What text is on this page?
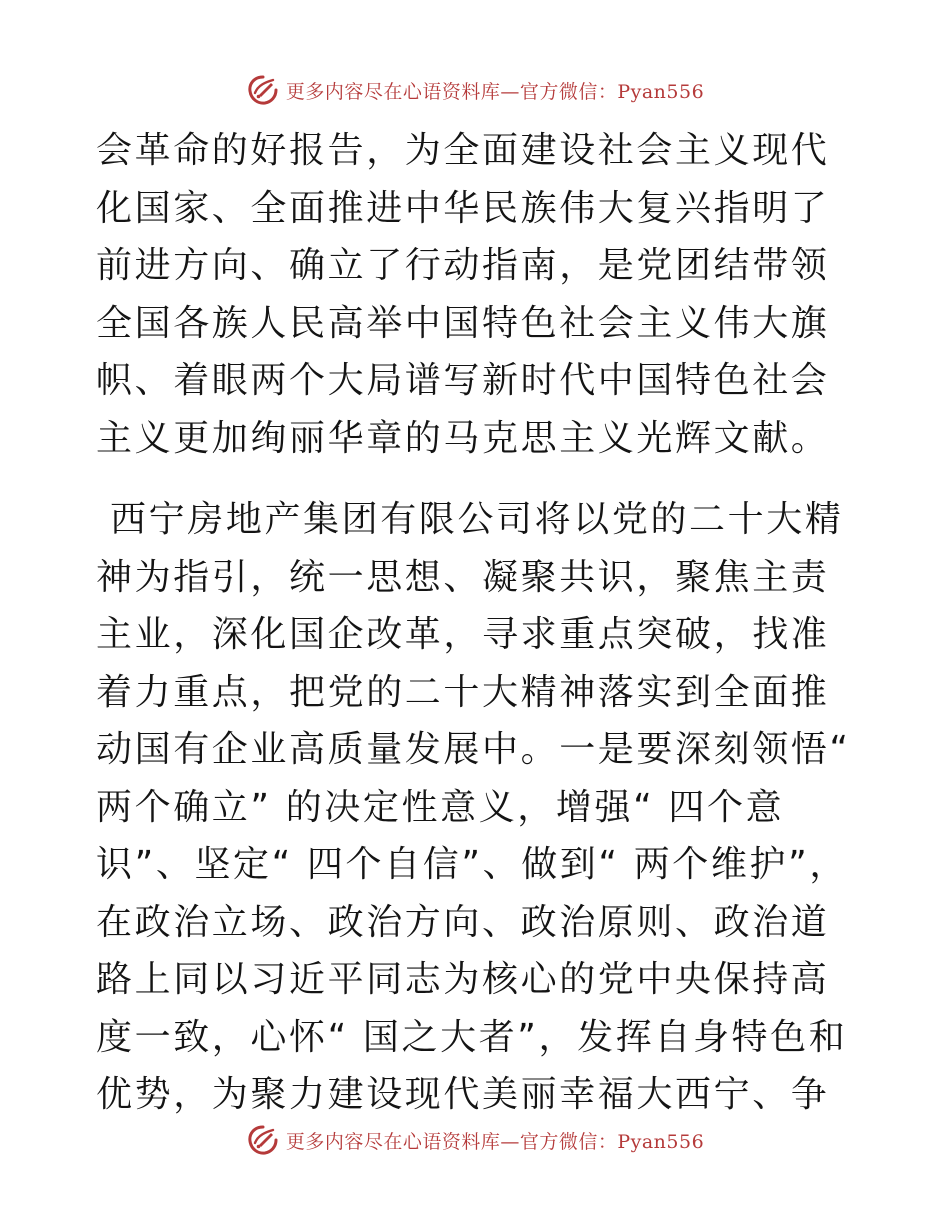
更多内容尽在心语资料库—官方微信：Pyan556

会革命的好报告，为全面建设社会主义现代化国家、全面推进中华民族伟大复兴指明了前进方向、确立了行动指南，是党团结带领全国各族人民高举中国特色社会主义伟大旗帜、着眼两个大局谱写新时代中国特色社会主义更加绚丽华章的马克思主义光辉文献。

西宁房地产集团有限公司将以党的二十大精神为指引，统一思想、凝聚共识，聚焦主责主业，深化国企改革，寻求重点突破，找准着力重点，把党的二十大精神落实到全面推动国有企业高质量发展中。一是要深刻领悟“ 两个确立” 的决定性意义，增强“ 四个意识”、坚定“ 四个自信”、做到“ 两个维护”，在政治立场、政治方向、政治原则、政治道路上同以习近平同志为核心的党中央保持高度一致，心怀“ 国之大者”，发挥自身特色和优势，为聚力建设现代美丽幸福大西宁、争

更多内容尽在心语资料库—官方微信：Pyan556
